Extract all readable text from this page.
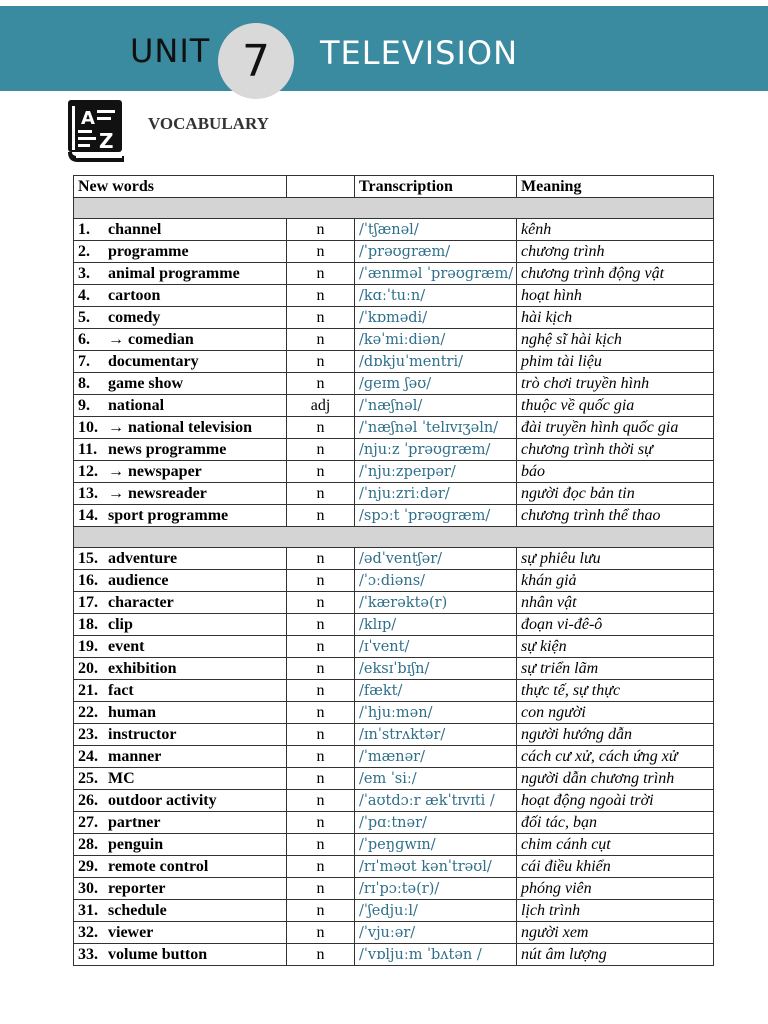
UNIT 7	TELEVISION
A
Z
VOCABULARY
New words		Transcription	Meaning

1. channel	n	/ˈtʃænəl/	kênh
2. programme	n	/ˈprəʊɡræm/	chương trình
3. animal programme	n	/ˈænɪməl ˈprəʊɡræm/	chương trình động vật
4. cartoon	n	/kɑːˈtuːn/	hoạt hình
5. comedy	n	/ˈkɒmədi/	hài kịch
6. → comedian	n	/kəˈmiːdiən/	nghệ sĩ hài kịch
7. documentary	n	/dɒkjuˈmentri/	phim tài liệu
8. game show	n	/ɡeɪm ʃəʊ/	trò chơi truyền hình
9. national	adj	/ˈnæʃnəl/	thuộc về quốc gia
10. → national television	n	/ˈnæʃnəl ˈtelɪvɪʒəln/	đài truyền hình quốc gia
11. news programme	n	/njuːz ˈprəʊɡræm/	chương trình thời sự
12. → newspaper	n	/ˈnjuːzpeɪpər/	báo
13. → newsreader	n	/ˈnjuːzriːdər/	người đọc bản tin
14. sport programme	n	/spɔːt ˈprəʊɡræm/	chương trình thể thao

15. adventure	n	/ədˈventʃər/	sự phiêu lưu
16. audience	n	/ˈɔːdiəns/	khán giả
17. character	n	/ˈkærəktə(r)	nhân vật
18. clip	n	/klɪp/	đoạn vi-đê-ô
19. event	n	/ɪˈvent/	sự kiện
20. exhibition	n	/eksɪˈbɪʃn/	sự triển lãm
21. fact	n	/fækt/	thực tế, sự thực
22. human	n	/ˈhjuːmən/	con người
23. instructor	n	/ɪnˈstrʌktər/	người hướng dẫn
24. manner	n	/ˈmænər/	cách cư xử, cách ứng xử
25. MC	n	/em ˈsiː/	người dẫn chương trình
26. outdoor activity	n	/ˈaʊtdɔːr ækˈtɪvɪti /	hoạt động ngoài trời
27. partner	n	/ˈpɑːtnər/	đối tác, bạn
28. penguin	n	/ˈpeŋɡwɪn/	chim cánh cụt
29. remote control	n	/rɪˈməʊt kənˈtrəʊl/	cái điều khiển
30. reporter	n	/rɪˈpɔːtə(r)/	phóng viên
31. schedule	n	/ˈʃedjuːl/	lịch trình
32. viewer	n	/ˈvjuːər/	người xem
33. volume button	n	/ˈvɒljuːm ˈbʌtən /	nút âm lượng
